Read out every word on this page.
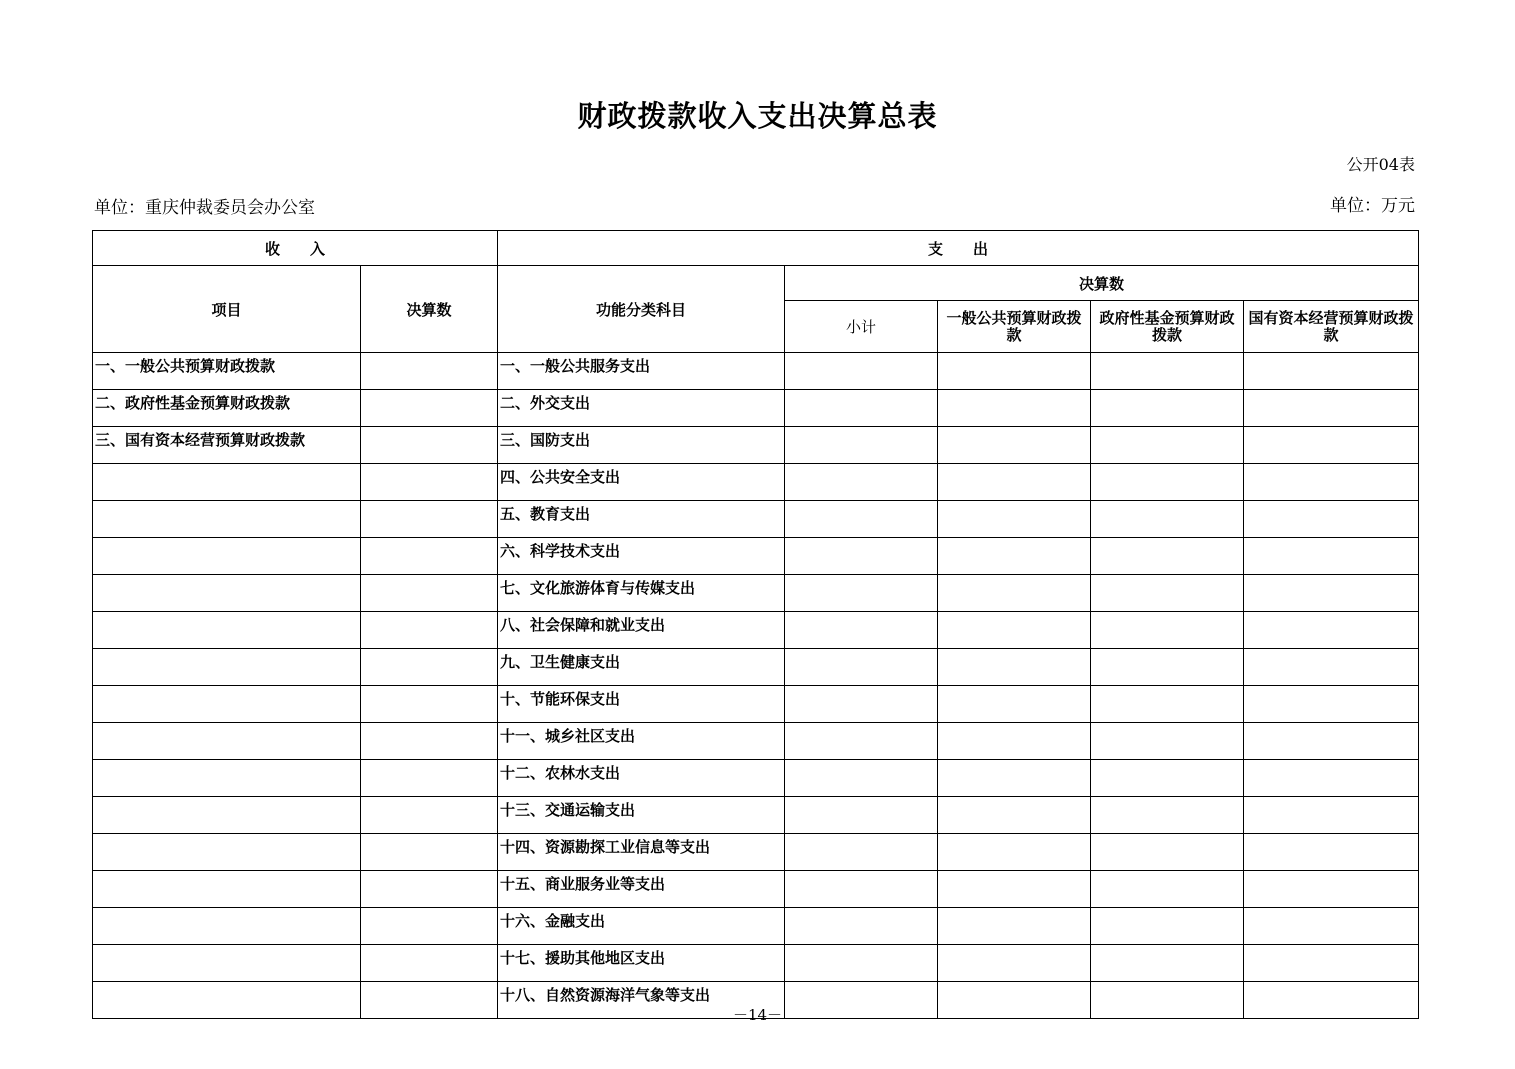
财政拨款收入支出决算总表
公开04表
单位：重庆仲裁委员会办公室	单位：万元
收　　入		支　　出				
项目	决算数	功能分类科目	决算数			
			小计	一般公共预算财政拨款	政府性基金预算财政拨款	国有资本经营预算财政拨款
一、一般公共预算财政拨款		一、一般公共服务支出				
二、政府性基金预算财政拨款		二、外交支出				
三、国有资本经营预算财政拨款		三、国防支出				
		四、公共安全支出				
		五、教育支出				
		六、科学技术支出				
		七、文化旅游体育与传媒支出				
		八、社会保障和就业支出				
		九、卫生健康支出				
		十、节能环保支出				
		十一、城乡社区支出				
		十二、农林水支出				
		十三、交通运输支出				
		十四、资源勘探工业信息等支出				
		十五、商业服务业等支出				
		十六、金融支出				
		十七、援助其他地区支出				
		十八、自然资源海洋气象等支出				
－14－
